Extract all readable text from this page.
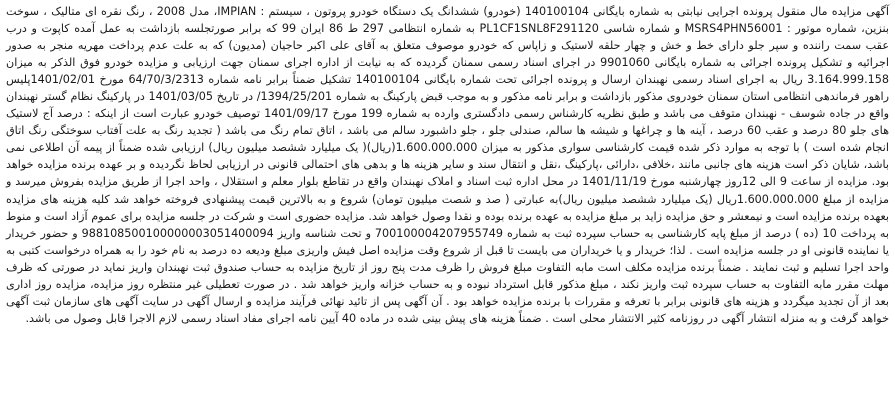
آگهی مزایده مال منقول پرونده اجرایی نیابتی به شماره بایگانی 140100104 (خودرو) ششدانگ یک دستگاه خودرو پروتون ، سیستم : IMPIAN، مدل 2008 ، رنگ نقره ای متالیک ، سوخت بنزین، شماره موتور : MSRS4PHN56001 و شماره شاسی PL1CF1SNL8F291120 به شماره انتظامی 297 ط 86 ایران 99 که برابر صورتجلسه بازداشت به عمل آمده کاپوت و درب عقب سمت راننده و سپر جلو دارای خط و خش و چهار حلقه لاستیک و زاپاس که خودرو موصوف متعلق به آقای علی اکبر حاجیان (مدیون) که به علت عدم پرداخت مهریه منجر به صدور اجرائیه و تشکیل پرونده اجرائی به شماره بایگانی 9901060 در اجرای اسناد رسمی سمنان گردیده که به نیابت از اداره اجرای سمنان جهت ارزیابی و مزایده خودرو فوق الذکر به میزان 3.164.999.158 ریال به اجرای اسناد رسمی نهبندان ارسال و پرونده اجرائی تحت شماره بایگانی 140100104 تشکیل ضمناً برابر نامه شماره 64/70/3/2313 مورخ 1401/02/01پلیس راهور فرماندهی انتظامی استان سمنان خودروی مذکور بازداشت و برابر نامه مذکور و به موجب قبض پارکینگ به شماره 1394/25/201/ در تاریخ 1401/03/05 در پارکینگ نظام گستر نهبندان واقع در جاده شوسف - نهبندان متوقف می باشد و طبق نظریه کارشناس رسمی دادگستری وارده به شماره 199 مورخ 1401/09/17 توصیف خودرو عبارت است از اینکه : درصد آج لاستیک های جلو 80 درصد و عقب 60 درصد ، آینه ها و چراغها و شیشه ها سالم، صندلی جلو ، جلو داشبورد سالم می باشد ، اتاق تمام رنگ می باشد ( تجدید رنگ به علت آفتاب سوختگی رنگ اتاق انجام شده است ) با توجه به موارد ذکر شده قیمت کارشناسی سواری مذکور به میزان 1.600.000.000(ریال)( یک میلیارد ششصد میلیون ریال) ارزیابی شده ضمناً از پیمه آن اطلاعی نمی باشد، شایان ذکر است هزینه های جانبی مانند ،خلافی ،دارائی ،پارکینگ ،نقل و انتقال سند و سایر هزینه ها و بدهی های احتمالی قانونی در ارزیابی لحاظ نگردیده و بر عهده برنده مزایده خواهد بود. مزایده از ساعت 9 الی 12روز چهارشنبه مورخ 1401/11/19 در محل اداره ثبت اسناد و املاک نهبندان واقع در تقاطع بلوار معلم و استقلال ، واحد اجرا از طریق مزایده بفروش میرسد و مزایده از مبلغ 1.600.000.000ریال (یک میلیارد ششصد میلیون ریال)به عبارتی ( صد و شصت میلیون تومان) شروع و به بالاترین قیمت پیشنهادی فروخته خواهد شد کلیه هزینه های مزایده بعهده برنده مزایده است و نیمعشر و حق مزایده زاید بر مبلغ مزایده به عهده برنده بوده و نقدا وصول خواهد شد. مزایده حضوری است و شرکت در جلسه مزایده برای عموم آزاد است و منوط به پرداخت 10 (ده ) درصد از مبلغ پایه کارشناسی به حساب سپرده ثبت به شماره 700100004207955749 و تحت شناسه واریز 988108500100000003051400094 و حضور خریدار یا نماینده قانونی او در جلسه مزایده است . لذا؛ خریدار و یا خریداران می بایست تا قبل از شروع وقت مزایده اصل فیش واریزی مبلغ ودیعه ده درصد به نام خود را به همراه درخواست کتبی به واحد اجرا تسلیم و ثبت نمایند . ضمناً برنده مزایده مکلف است مابه التفاوت مبلغ فروش را ظرف مدت پنج روز از تاریخ مزایده به حساب صندوق ثبت نهبندان واریز نماید در صورتی که ظرف مهلت مقرر مابه التفاوت به حساب سپرده ثبت واریز نکند ، مبلغ مذکور قابل استرداد نبوده و به حساب خزانه واریز خواهد شد . در صورت تعطیلی غیر منتظره روز مزایده، مزایده روز اداری بعد از آن تجدید میگردد و هزینه های قانونی برابر با تعرفه و مقررات با برنده مزایده خواهد بود . آن آگهی پس از تائید نهائی فرآیند مزایده و ارسال آگهی در سایت آگهی های سازمان ثبت آگهی خواهد گرفت و به منزله انتشار آگهی در روزنامه کثیر الانتشار محلی است . ضمناً هزینه های پیش بینی شده در ماده 40 آیین نامه اجرای مفاد اسناد رسمی لازم الاجرا قابل وصول می باشد.
